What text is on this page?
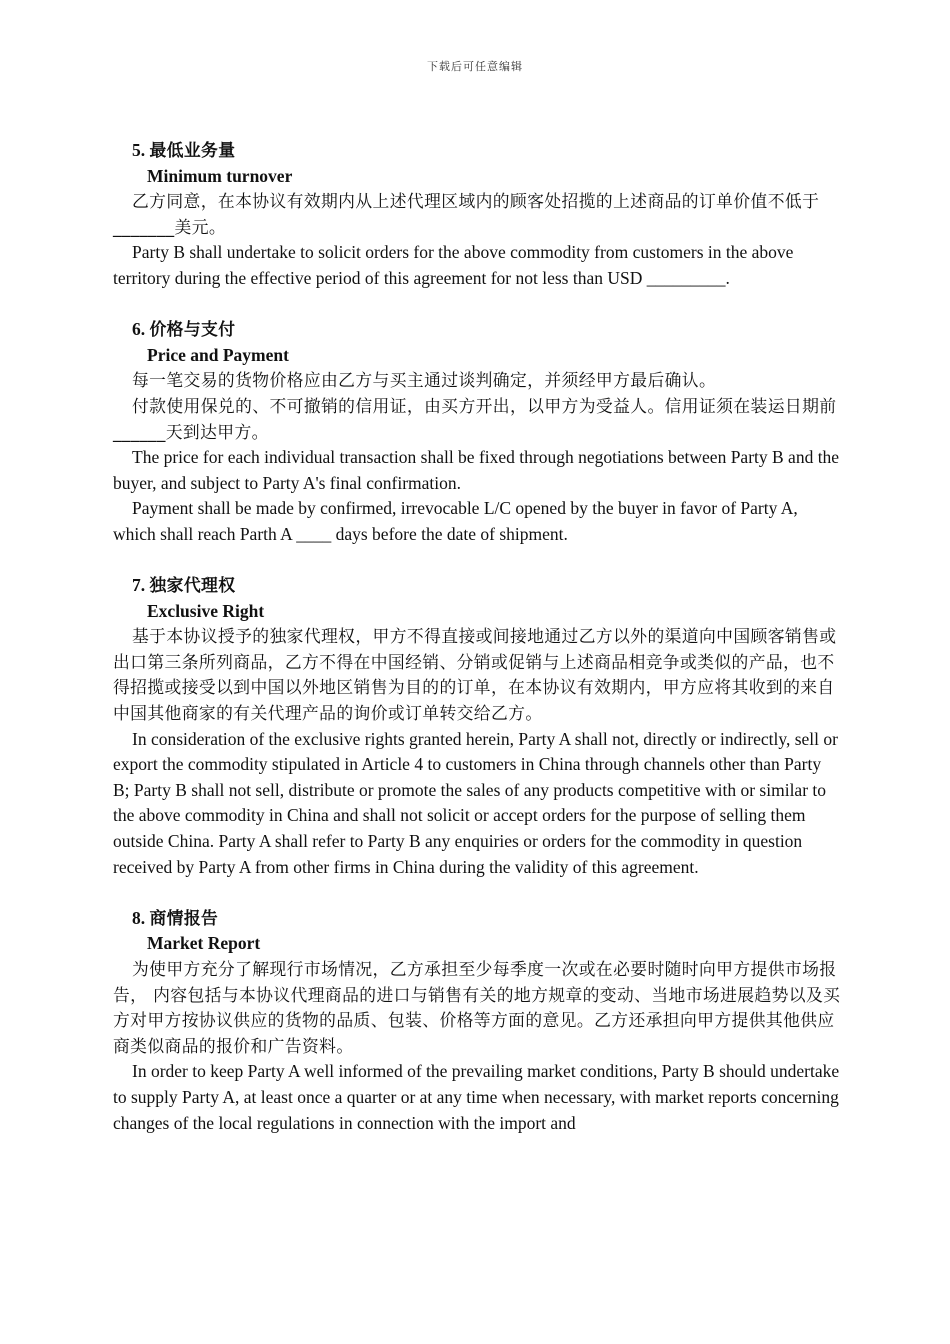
下载后可任意编辑
5. 最低业务量
Minimum turnover

乙方同意，在本协议有效期内从上述代理区域内的顾客处招揽的上述商品的订单价值不低于_______美元。

Party B shall undertake to solicit orders for the above commodity from customers in the above territory during the effective period of this agreement for not less than USD _________.

6. 价格与支付
Price and Payment

每一笔交易的货物价格应由乙方与买主通过谈判确定，并须经甲方最后确认。

付款使用保兑的、不可撤销的信用证，由买方开出，以甲方为受益人。信用证须在装运日期前______天到达甲方。

The price for each individual transaction shall be fixed through negotiations between Party B and the buyer, and subject to Party A's final confirmation.

Payment shall be made by confirmed, irrevocable L/C opened by the buyer in favor of Party A, which shall reach Parth A ____ days before the date of shipment.

7. 独家代理权
Exclusive Right

基于本协议授予的独家代理权，甲方不得直接或间接地通过乙方以外的渠道向中国顾客销售或出口第三条所列商品，乙方不得在中国经销、分销或促销与上述商品相竞争或类似的产品，也不得招揽或接受以到中国以外地区销售为目的的订单，在本协议有效期内，甲方应将其收到的来自中国其他商家的有关代理产品的询价或订单转交给乙方。

In consideration of the exclusive rights granted herein, Party A shall not, directly or indirectly, sell or export the commodity stipulated in Article 4 to customers in China through channels other than Party B; Party B shall not sell, distribute or promote the sales of any products competitive with or similar to the above commodity in China and shall not solicit or accept orders for the purpose of selling them outside China. Party A shall refer to Party B any enquiries or orders for the commodity in question received by Party A from other firms in China during the validity of this agreement.

8. 商情报告
Market Report

为使甲方充分了解现行市场情况，乙方承担至少每季度一次或在必要时随时向甲方提供市场报告， 内容包括与本协议代理商品的进口与销售有关的地方规章的变动、当地市场进展趋势以及买方对甲方按协议供应的货物的品质、包装、价格等方面的意见。乙方还承担向甲方提供其他供应商类似商品的报价和广告资料。

In order to keep Party A well informed of the prevailing market conditions, Party B should undertake to supply Party A, at least once a quarter or at any time when necessary, with market reports concerning changes of the local regulations in connection with the import and
